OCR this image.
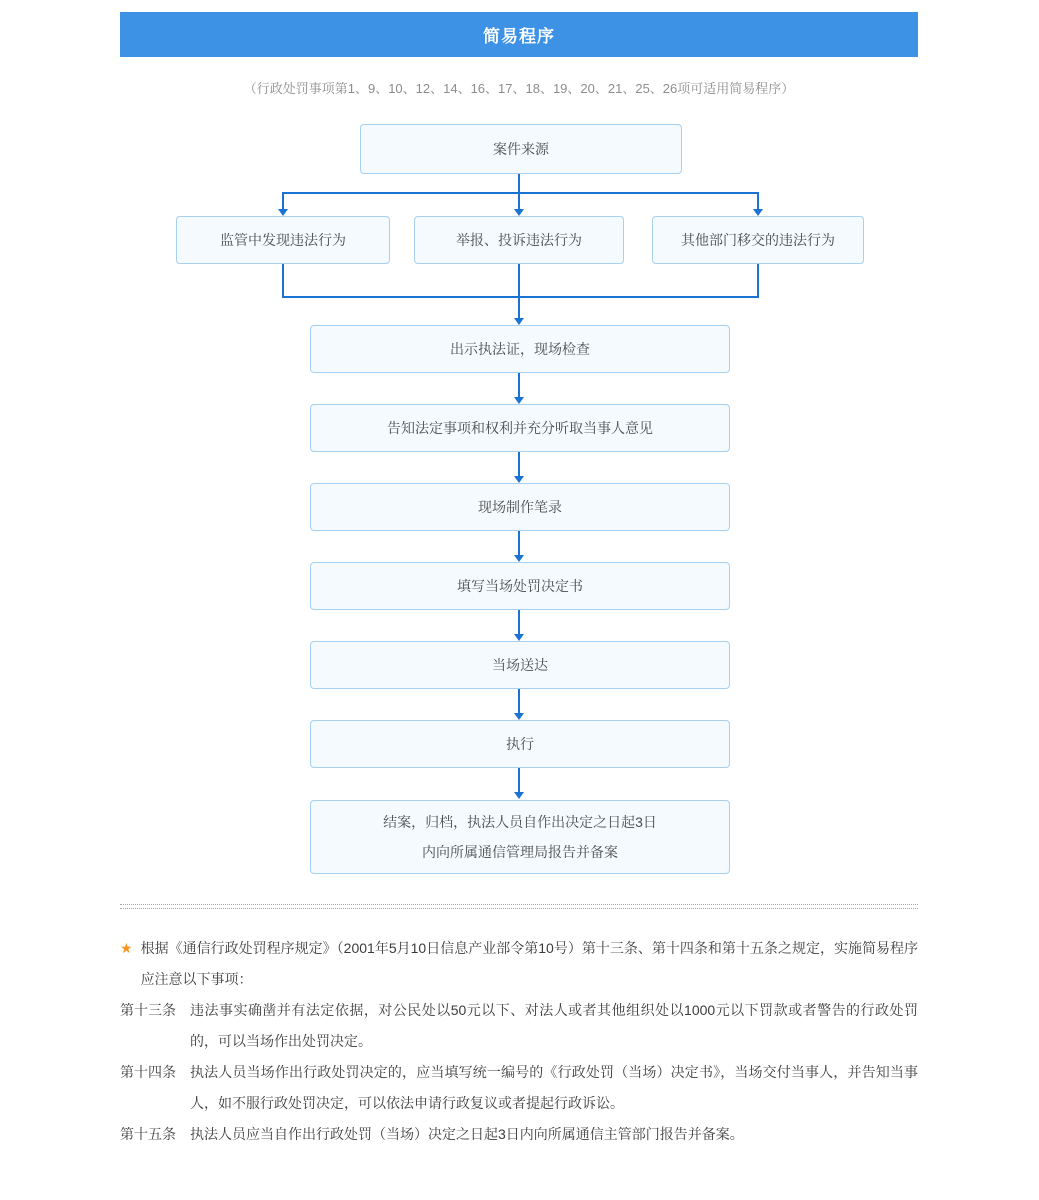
简易程序
（行政处罚事项第1、9、10、12、14、16、17、18、19、20、21、25、26项可适用简易程序）
案件来源
监管中发现违法行为	举报、投诉违法行为	其他部门移交的违法行为
出示执法证，现场检查
告知法定事项和权利并充分听取当事人意见
现场制作笔录
填写当场处罚决定书
当场送达
执行
结案，归档，执法人员自作出决定之日起3日
内向所属通信管理局报告并备案
★ 根据《通信行政处罚程序规定》（2001年5月10日信息产业部令第10号）第十三条、第十四条和第十五条之规定，实施简易程序应注意以下事项：
第十三条 违法事实确凿并有法定依据，对公民处以50元以下、对法人或者其他组织处以1000元以下罚款或者警告的行政处罚的，可以当场作出处罚决定。
第十四条 执法人员当场作出行政处罚决定的，应当填写统一编号的《行政处罚（当场）决定书》，当场交付当事人，并告知当事人，如不服行政处罚决定，可以依法申请行政复议或者提起行政诉讼。
第十五条 执法人员应当自作出行政处罚（当场）决定之日起3日内向所属通信主管部门报告并备案。
